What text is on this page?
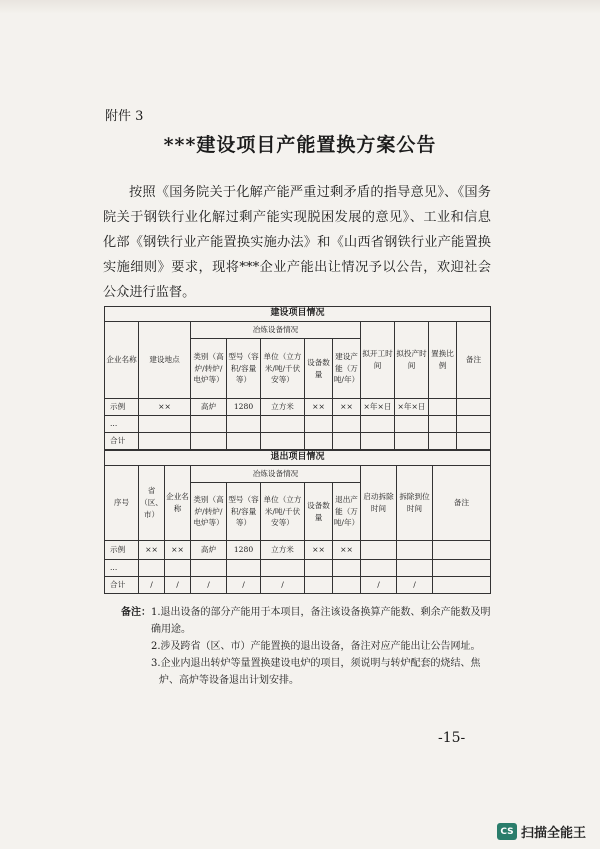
附件 3
***建设项目产能置换方案公告

按照《国务院关于化解产能严重过剩矛盾的指导意见》、《国务院关于钢铁行业化解过剩产能实现脱困发展的意见》、工业和信息化部《钢铁行业产能置换实施办法》和《山西省钢铁行业产能置换实施细则》要求，现将***企业产能出让情况予以公告，欢迎社会公众进行监督。

建设项目情况										
企业名称	建设地点	冶炼设备情况					拟开工时间	拟投产时间	置换比例	备注
		类别（高炉/转炉/电炉等）	型号（容积/容量等）	单位（立方米/吨/千伏安等）	设备数量	建设产能（万吨/年）				
示例	××	高炉	1280	立方米	××	××	×年×日	×年×日		
...										
合计										
退出项目情况										
序号	省（区、市）	企业名称	冶炼设备情况					启动拆除时间	拆除到位时间	备注
			类别（高炉/转炉/电炉等）	型号（容积/容量等）	单位（立方米/吨/千伏安等）	设备数量	退出产能（万吨/年）			
示例	××	××	高炉	1280	立方米	××	××			
...										
合计	/	/	/	/	/			/	/	
备注： 1.退出设备的部分产能用于本项目，备注该设备换算产能数、剩余产能数及明确用途。
2.涉及跨省（区、市）产能置换的退出设备，备注对应产能出让公告网址。
3.企业内退出转炉等量置换建设电炉的项目，须说明与转炉配套的烧结、焦炉、高炉等设备退出计划安排。
-15-
CS 扫描全能王
